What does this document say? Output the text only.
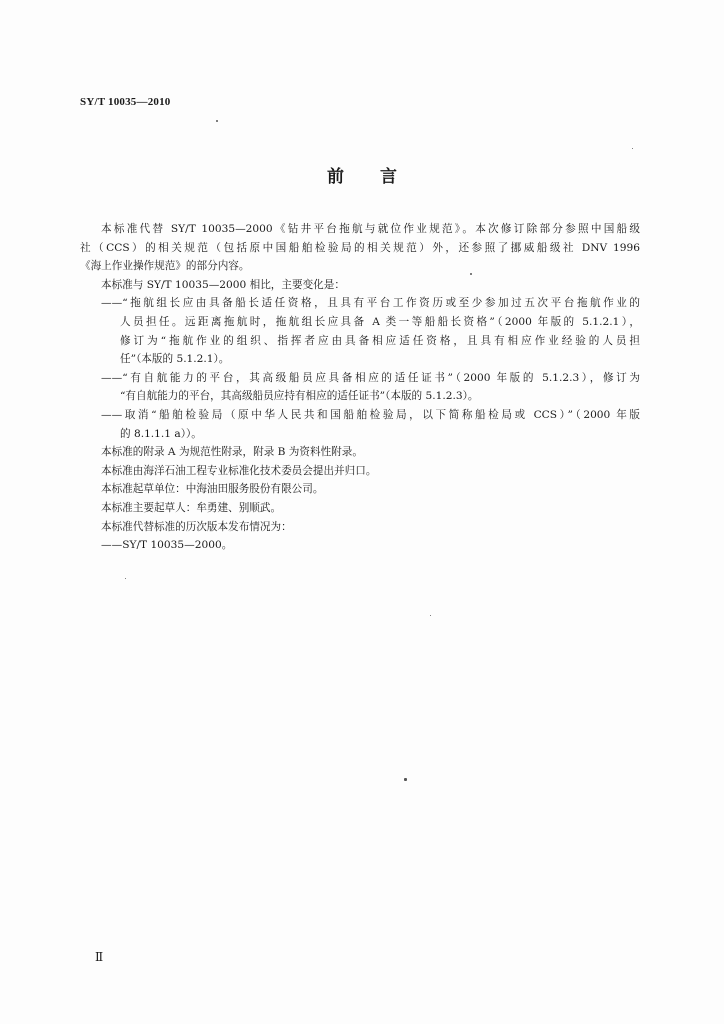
SY/T 10035—2010
前 言
本标准代替 SY/T 10035—2000《钻井平台拖航与就位作业规范》。本次修订除部分参照中国船级
社（CCS）的相关规范（包括原中国船舶检验局的相关规范）外，还参照了挪威船级社 DNV 1996
《海上作业操作规范》的部分内容。
本标准与 SY/T 10035—2000 相比，主要变化是：
——“拖航组长应由具备船长适任资格，且具有平台工作资历或至少参加过五次平台拖航作业的
人员担任。远距离拖航时，拖航组长应具备 A 类一等船船长资格”（2000 年版的 5.1.2.1），
修订为“拖航作业的组织、指挥者应由具备相应适任资格，且具有相应作业经验的人员担
任”（本版的 5.1.2.1）。
——“有自航能力的平台，其高级船员应具备相应的适任证书”（2000 年版的 5.1.2.3），修订为
“有自航能力的平台，其高级船员应持有相应的适任证书”（本版的 5.1.2.3）。
——取消“船舶检验局（原中华人民共和国船舶检验局，以下简称船检局或 CCS）”（2000 年版
的 8.1.1.1 a））。
本标准的附录 A 为规范性附录，附录 B 为资料性附录。
本标准由海洋石油工程专业标准化技术委员会提出并归口。
本标准起草单位：中海油田服务股份有限公司。
本标准主要起草人：牟勇建、别顺武。
本标准代替标准的历次版本发布情况为：
——SY/T 10035—2000。
Ⅱ
